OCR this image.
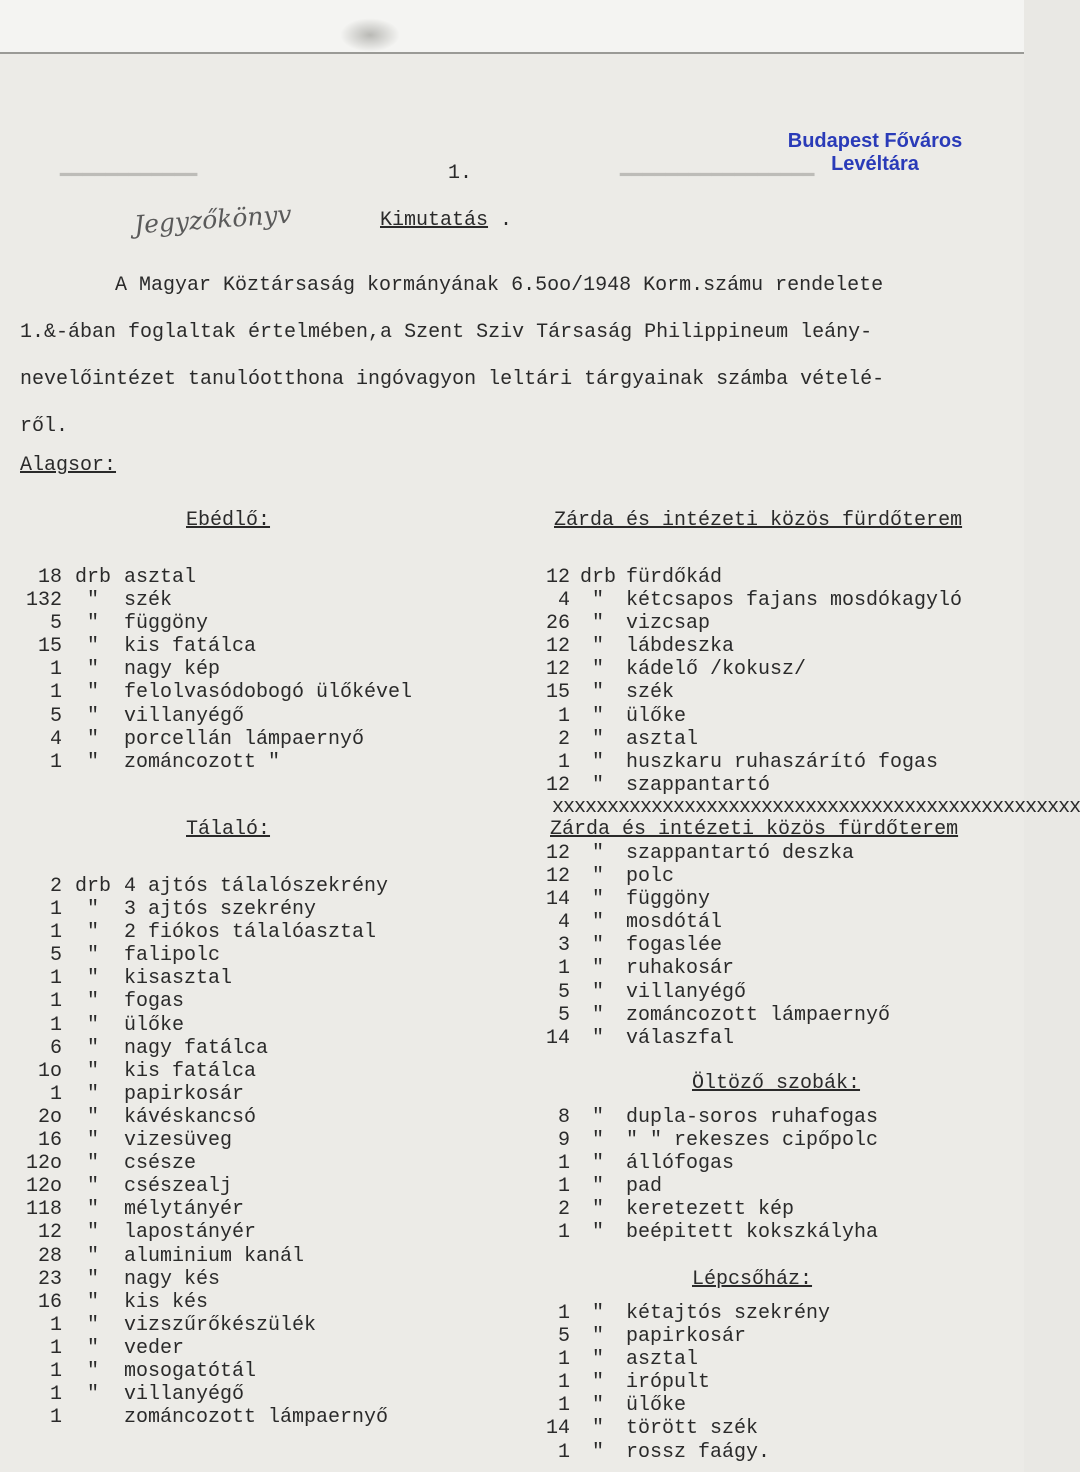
━━━━━━━━━━━━	━━━━━━━━━━━━━━━━━
Budapest Főváros
Levéltára
1.
Jegyzőkönyv	Kimutatás .
A Magyar Köztársaság kormányának 6.5oo/1948 Korm.számu rendelete
1.&-ában foglaltak értelmében,a Szent Sziv Társaság Philippineum leány-
nevelőintézet tanulóotthona ingóvagyon leltári tárgyainak számba vételé-
ről.
Alagsor:
Ebédlő:
18 drb asztal
132	"	szék
5	"	függöny
15	"	kis fatálca
1	"	nagy kép
1	"	felolvasódobogó ülőkével
5	"	villanyégő
4	"	porcellán lámpaernyő
1	"	zománcozott "
Tálaló:
2 drb 4 ajtós tálalószekrény
1	"	3 ajtós szekrény
1	"	2 fiókos tálalóasztal
5	"	falipolc
1	"	kisasztal
1	"	fogas
1	"	ülőke
6	"	nagy fatálca
1o	"	kis fatálca
1	"	papirkosár
2o	"	kávéskancsó
16	"	vizesüveg
12o	"	csésze
12o	"	csészealj
118	"	mélytányér
12	"	lapostányér
28	"	aluminium kanál
23	"	nagy kés
16	"	kis kés
1	"	vizszűrőkészülék
1	"	veder
1	"	mosogatótál
1	"	villanyégő
1	zománcozott lámpaernyő
Zárda és intézeti közös fürdőterem
12 drb fürdőkád
4	"	kétcsapos fajans mosdókagyló
26	"	vizcsap
12	"	lábdeszka
12	"	kádelő /kokusz/
15	"	szék
1	"	ülőke
2	"	asztal
1	"	huszkaru ruhaszárító fogas
12	"	szappantartó
xxxxxxxxxxxxxxxxxxxxxxxxxxxxxxxxxxxxxxxxxxxxxxxx
Zárda és intézeti közös fürdőterem
12	"	szappantartó deszka
12	"	polc
14	"	függöny
4	"	mosdótál
3	"	fogaslée
1	"	ruhakosár
5	"	villanyégő
5	"	zománcozott lámpaernyő
14	"	válaszfal
Öltöző szobák:
8	"	dupla-soros ruhafogas
9	"	" " rekeszes cipőpolc
1	"	állófogas
1	"	pad
2	"	keretezett kép
1	"	beépitett kokszkályha
Lépcsőház:
1	"	kétajtós szekrény
5	"	papirkosár
1	"	asztal
1	"	irópult
1	"	ülőke
14	"	törött szék
1	"	rossz faágy.
